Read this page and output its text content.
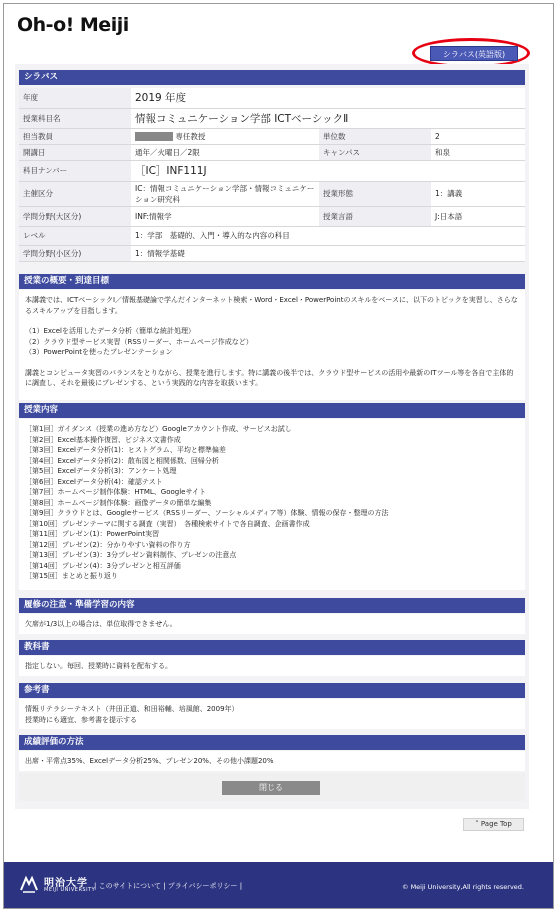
Oh-o! Meiji
シラバス(英語版)
シラバス
年度	2019 年度		
授業科目名	情報コミュニケーション学部 ICTベーシックⅡ		
担当教員	専任教授	単位数	2
開講日	通年／火曜日／2限	キャンパス	和泉
科目ナンバー	［IC］INF111J		
主催区分	IC：情報コミュニケーション学部・情報コミュニケーション研究科	授業形態	1：講義
学問分野(大区分)	INF:情報学	授業言語	J:日本語
レベル	1：学部　基礎的、入門・導入的な内容の科目		
学問分野(小区分)	1：情報学基礎		
授業の概要・到達目標

本講義では、ICTベーシックI／情報基礎論で学んだインターネット検索・Word・Excel・PowerPointのスキルをベースに、以下のトピックを実習し、さらなるスキルアップを目指します。

（1）Excelを活用したデータ分析（簡単な統計処理）

（2）クラウド型サービス実習（RSSリーダー、ホームページ作成など）

（3）PowerPointを使ったプレゼンテーション

講義とコンピュータ実習のバランスをとりながら、授業を進行します。特に講義の後半では、クラウド型サービスの活用や最新のITツール等を各自で主体的に調査し、それを最後にプレゼンする、という実践的な内容を取扱います。

授業内容
［第1回］ガイダンス（授業の進め方など）Googleアカウント作成、サービスお試し
［第2回］Excel基本操作復習、ビジネス文書作成
［第3回］Excelデータ分析(1)：ヒストグラム、平均と標準偏差
［第4回］Excelデータ分析(2)：散布図と相関係数、回帰分析
［第5回］Excelデータ分析(3)：アンケート処理
［第6回］Excelデータ分析(4)：確認テスト
［第7回］ホームページ制作体験：HTML、Googleサイト
［第8回］ホームページ制作体験：画像データの簡単な編集
［第9回］クラウドとは、Googleサービス（RSSリーダー、ソーシャルメディア等）体験、情報の保存・整理の方法
［第10回］プレゼンテーマに関する調査（実習）　各種検索サイトで各自調査、企画書作成
［第11回］プレゼン(1)：PowerPoint実習
［第12回］プレゼン(2)：分かりやすい資料の作り方
［第13回］プレゼン(3)：3分プレゼン資料制作、プレゼンの注意点
［第14回］プレゼン(4)：3分プレゼンと相互評価
［第15回］まとめと振り返り
履修の注意・準備学習の内容

欠席が1/3以上の場合は、単位取得できません。

教科書

指定しない。毎回、授業時に資料を配布する。

参考書

情報リテラシーテキスト（井田正道、和田裕輔、培風館、2009年）

授業時にも適宜、参考書を提示する

成績評価の方法

出席・平常点35%、Excelデータ分析25%、プレゼン20%、その他小課題20%

閉じる
˄ Page Top
明治大学
MEIJI UNIVERSITY
| このサイトについて | プライバシーポリシー |	© Meiji University,All rights reserved.
